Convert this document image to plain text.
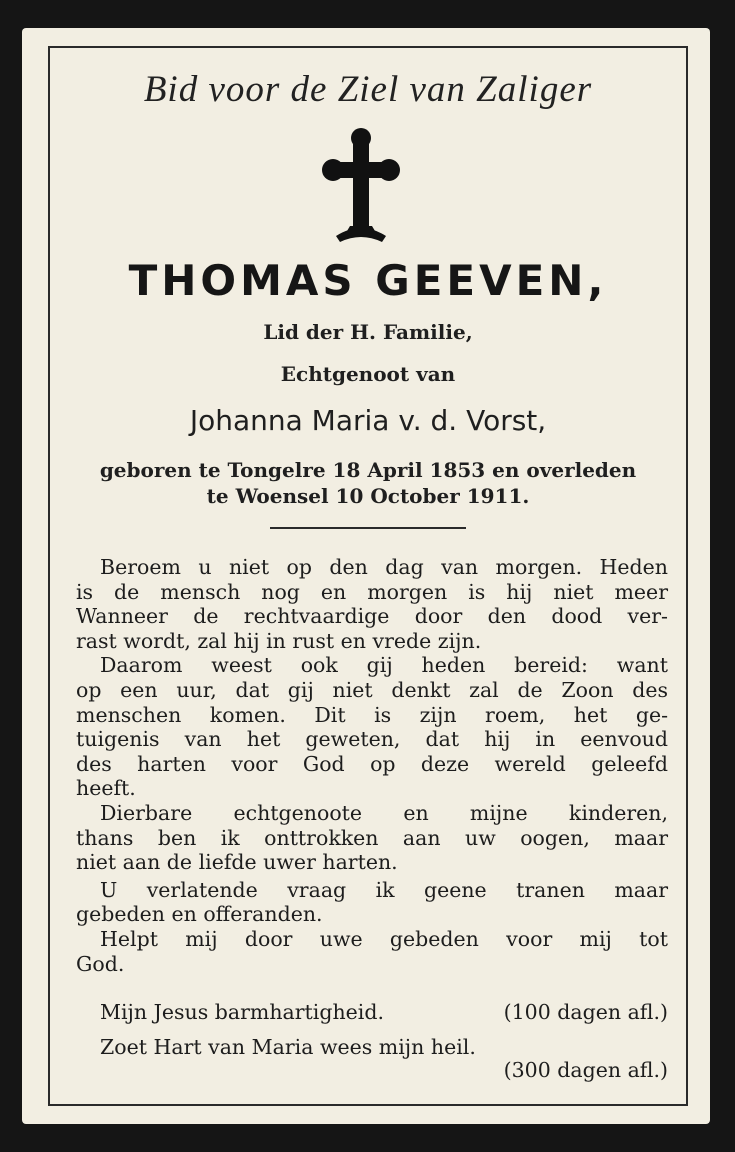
Bid voor de Ziel van Zaliger
THOMAS GEEVEN,
Lid der H. Familie,
Echtgenoot van
Johanna Maria v. d. Vorst,
geboren te Tongelre 18 April 1853 en overleden
te Woensel 10 October 1911.
Beroem u niet op den dag van morgen. Heden
is de mensch nog en morgen is hij niet meer
Wanneer de rechtvaardige door den dood ver-
rast wordt, zal hij in rust en vrede zijn.
Daarom weest ook gij heden bereid: want
op een uur, dat gij niet denkt zal de Zoon des
menschen komen. Dit is zijn roem, het ge-
tuigenis van het geweten, dat hij in eenvoud
des harten voor God op deze wereld geleefd
heeft.
Dierbare echtgenoote en mijne kinderen,
thans ben ik onttrokken aan uw oogen, maar
niet aan de liefde uwer harten.
U verlatende vraag ik geene tranen maar
gebeden en offeranden.
Helpt mij door uwe gebeden voor mij tot
God.
Mijn Jesus barmhartigheid.	(100 dagen afl.)
Zoet Hart van Maria wees mijn heil.
(300 dagen afl.)
